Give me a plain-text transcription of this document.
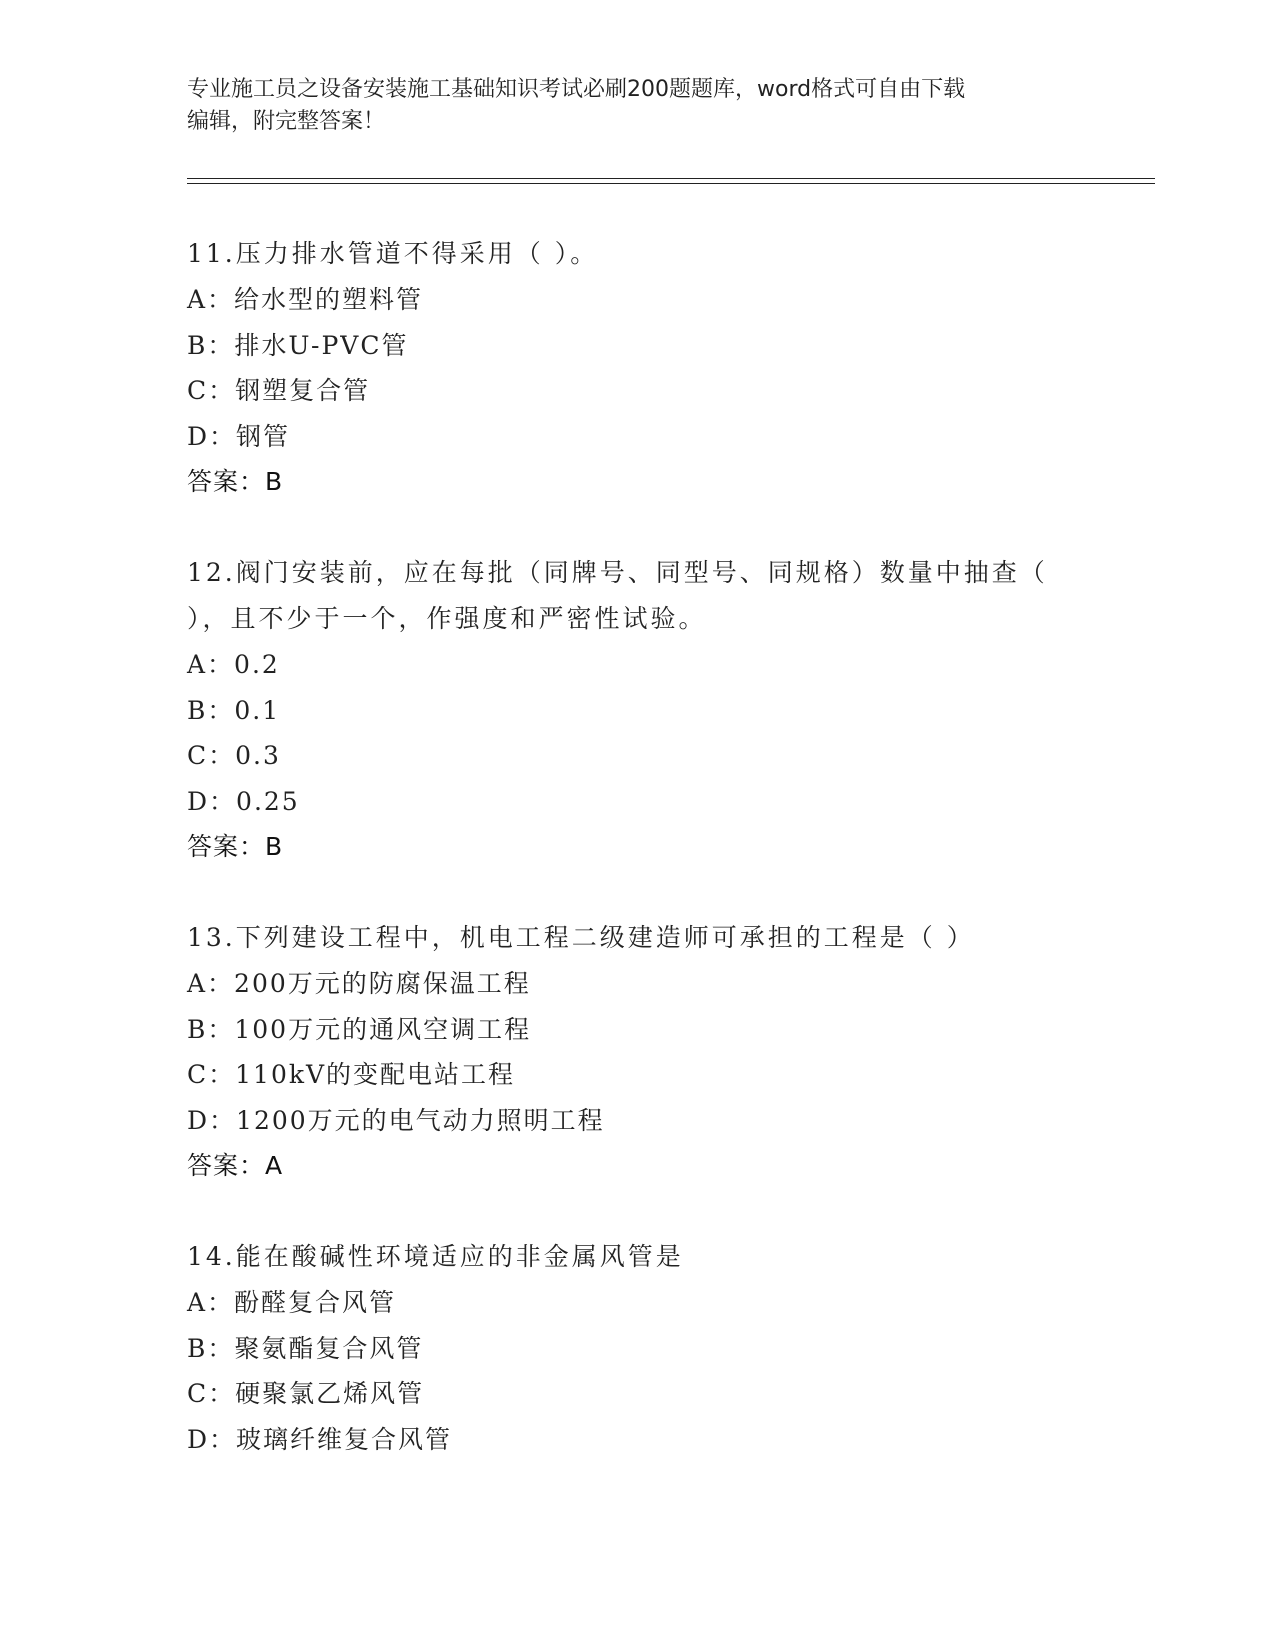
专业施工员之设备安装施工基础知识考试必刷200题题库，word格式可自由下载
编辑，附完整答案！
11.压力排水管道不得采用（ ）。
A：给水型的塑料管
B：排水U-PVC管
C：钢塑复合管
D：钢管
答案：B
12.阀门安装前，应在每批（同牌号、同型号、同规格）数量中抽查（
），且不少于一个，作强度和严密性试验。
A：0.2
B：0.1
C：0.3
D：0.25
答案：B
13.下列建设工程中，机电工程二级建造师可承担的工程是（ ）
A：200万元的防腐保温工程
B：100万元的通风空调工程
C：110kV的变配电站工程
D：1200万元的电气动力照明工程
答案：A
14.能在酸碱性环境适应的非金属风管是
A：酚醛复合风管
B：聚氨酯复合风管
C：硬聚氯乙烯风管
D：玻璃纤维复合风管
